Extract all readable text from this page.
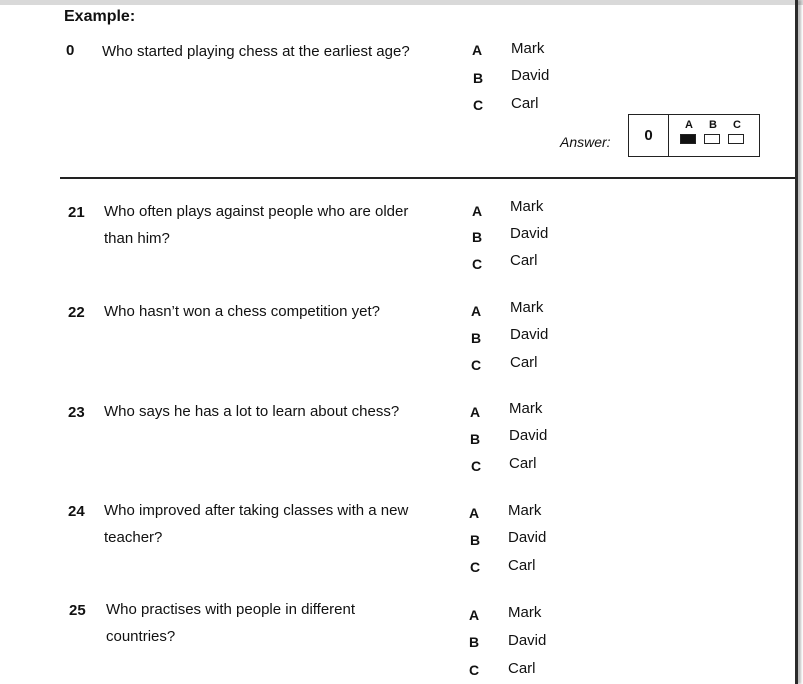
Example:
0 Who started playing chess at the earliest age?	A Mark
B David
C Carl
Answer:	0
A B C
21 Who often plays against people who are older
than him?
A Mark
B David
C Carl
22 Who hasn’t won a chess competition yet?	A Mark
B David
C Carl
23 Who says he has a lot to learn about chess?	A Mark
B David
C Carl
24 Who improved after taking classes with a new
teacher?
A Mark
B David
C Carl
25 Who practises with people in different
countries?
A Mark
B David
C Carl
